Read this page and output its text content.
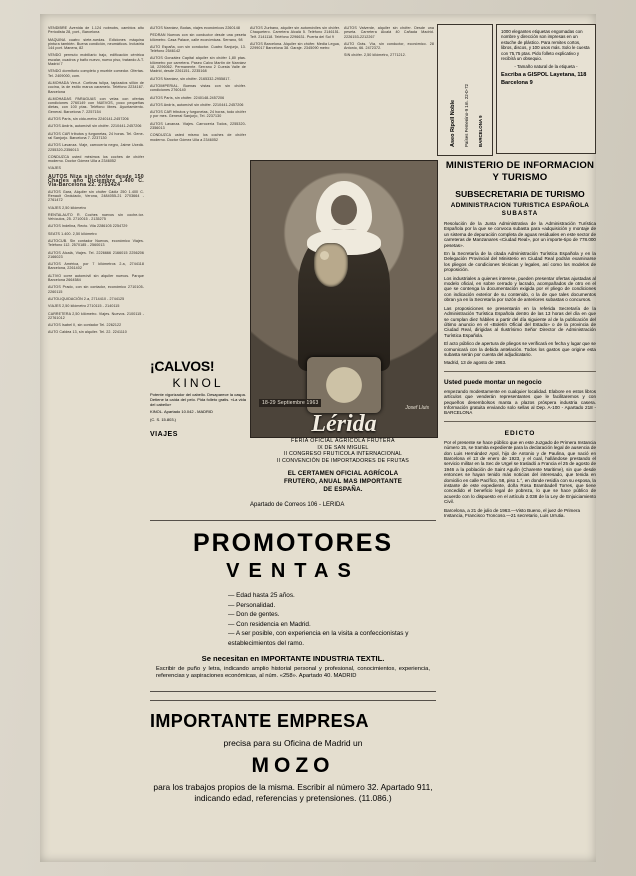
VENDIBRE Avenida de 1.124 nobnobs, cambios alto Periodista 28, port., Barcelona
MAQUINA cuatro siete-ruedas. Ediciones máquina pintura también. Buena condición, neumáticos. Industria 144 port. Manera, 82
VENDO permuto mobiliario bajo, edificación céntrica escalar, cuadros y baño nuevo, nuevo piso, tratando A.T. Madrid 7
VENDO dormitorio completo y mueble comedor. Ofertas. Tel. 2409000, com.
ALMOHADA Ven-é. Cortinas tulipa, tapizados sillón de cocina, la de estilo marca caramelo. Teléfono 2234167. Barcelona
ALMOHADAS PARAGUAS con velas con ofertas condiciones 2760149 con NUEVOS, poco pequeñas dietas, con 100 ptas. Teléfono libres. Ayuntamiento. General. Barcelona 7. 2257154
AUTOS París, sin cido-metro 2240141-2457206
AUTOS Andrís, automóvil sin chófer. 2210441-2457206
AUTOS CAR tributos y furgonetas, 24 horas. Tel. Gene-ral Sanjurjo. Barcelona 7. 2237130
AUTOS Lavanza. Viaje, carrocería negro, Jaime Ucedá. 2255320-2356013
CONDUZCA usted mésimos los coches de chófer moderno. Doctor Gómez Ulla a 2346052
VIAJES
AUTOS Niza sin chófer desde 150 Charles año Diciembre 1.400 C. Via-Barcelona 22. 2753424
AUTOS Gara, Alquiler sin chófer Cádiz 250 1.400 C. Renault Ondulado, Verona, 2484055-21 2703664 - 2761472
VIAJES 2,50 kilómetro
RENTALAUTO R. Coches nuevos sin coche-tor. Vehículos, 25. 2710015 - 2135275
AUTOS Indelina, Recto. Vila 2286105 2254729
SEATS 1.400. 2,50 kilómetro
AUTOCUB. Sin contador Nuevos, económico Viajes. Teléfono 112. 2570185 - 2560013
AUTOS Alcalá, Viajes. Tel. 2226666 2166015 2256206 2166023
AUTOS América, por 7 kilómetros 2.a, 2744118 Barcelona, 2261402
ALTIVO corre automóvil sin alquiler nuevos. Parque Barcelona 2664584
AUTOS Prado, con sin contador, económico 2710105-2260115
AUTOLIQUIDACIÓN 2.a, 2714410 - 2744125
VIAJES 2,50 kilómetro 2710115 - 2140115
CARRETERA 2,50 kilómetro. Viajes. Nuevos. 2100115 - 22761012
AUTOS Isabel II, sin contador Tel. 2262122
AUTO Caldea 13, sin alquiler. Tel. 22. 2241110
AUTOS Narváez, Bodas, viajes económicos 2260148
PEDRAN Nuevos con sin conductor desde una peseta kilómetro. Casa Palace, calle económicas. Serrano, 98
AUTO España, con sin conductor. Cuatro Sanjurjo, 13. Teléfono 2546142
AUTOS González Capital alquiler sin chófer 1,80 ptas. kilómetro por carretera. Paseo Calvo Martín de Narváez 18, 2296062. Permanente. Serrano 2 Cuesta Valle de Madrid, desde 2261151- 2235168
AUTOS Narváez, sin chófer. 2165332-2955817.
AUTOIMPERIAL. Buenas vistas con sin chófer. condiciones 2760140
AUTOS París, sin chófer. 2240148-2457206
AUTOS Andrís, automóvil sin chófer. 2210441-2457206
AUTOS CAR tributos y furgonetas, 24 horas, todo chófer y por mes. General Sanjurjo, Tel. 2237130
AUTOS Lavanza. Viajes. Carrocería Todos, 2255320-2356013
CONDUZCA usted mismo los coches de chófer moderno. Doctor Gómez Ulla a 2346052
AUTOS Zurbano, alquiler sin automóviles sin chófer. Chaquetero. Carretera Alcalá 5. Teléfono 2146151. Telf. 2141118. Teléfono 2296631. Puerta del Sol 9
AUTOS Barcelona. Alquiler sin chófer. Media Legua, 2299017 Barcelona 38. Garaje. 2345090 metro
AUTOS Valverde, alquiler sin chófer. Desde una peseta. Carretera Alcalá 40 Cañada Madrid. 2226153-2212267
AUTO Grás. Vía, sin conductor, económico. 28 Antonio, 66. 2472372.
SIN chófer. 2,50 kilómetro, 2771212.
Aseo Ripoll Noble Países Femenino-9 1m. 22-0-72 BARCELONA 9

1000 elegantes etiquetas engomadas con nombre y dirección son impresas en un estuche de plástico. Para remites cortos, libros, discos, y 100 usos más. Solo le cuesta con 75,75 ptas. Pido folleto explicativo y recibírá un obsequio.

- Tamaño natural de la etiqueta -

Escriba a GISPOL Layetana, 118

Barcelona 9

18-29 Septiembre 1963
Josef Lluis
Lérida
FERIA OFICIAL AGRÍCOLA FRUTERA
IX DE SAN MIGUEL
II CONGRESO FRUTICOLA INTERNACIONAL
II CONVENCIÓN DE IMPORTADORES DE FRUTAS
EL CERTAMEN OFICIAL AGRÍCOLA
FRUTERO, ANUAL MAS IMPORTANTE
DE ESPAÑA.
Apartado de Correos 106 - LERIDA
¡CALVOS!
KINOL

Potente vigorizador del cabello. Desaparece la caspa. Detiene la caída del pelo. Pida folleto gratis. «La vida del cabello»

KINOL. Apartado 10.042 - MADRID

(C. S. 15.803.)

VIAJES
PROMOTORES
VENTAS
— Edad hasta 25 años.
— Personalidad.
— Don de gentes.
— Con residencia en Madrid.
— A ser posible, con experiencia en la visita a confeccionistas y establecimientos del ramo.
Se necesitan en IMPORTANTE INDUSTRIA TEXTIL.
Escribir de puño y letra, indicando amplio historial personal y profesional, conocimientos, experiencia, referencias y aspiraciones económicas, al núm. «258». Apartado 40. MADRID
IMPORTANTE EMPRESA
precisa para su Oficina de Madrid un
MOZO
para los trabajos propios de la misma. Escribir al número 32. Apartado 911, indicando edad, referencias y pretensiones. (11.086.)
MINISTERIO DE INFORMACION Y TURISMO
SUBSECRETARIA DE TURISMO
ADMINISTRACION TURISTICA ESPAÑOLA
SUBASTA

Resolución de la Junta Administrativa de la Administración Turística Española por la que se convoca subasta para «adquisición y montaje de un sistema de depuración completa de aguas residuales en este sector de carreteras de Manzanares «Ciudad Real», por un importe-tipo de 778.000 pesetas».

En la Secretaría de la citada Administración Turística Española y en la Delegación Provincial del Ministerio en Ciudad Real podrán examinarse los pliegos de condiciones técnicas y legales, así como los modelos de proposición.

Los industriales a quienes interese, pueden presentar ofertas ajustadas al modelo oficial, en sobre cerrado y lacrado, acompañados de otro en el que se contenga la documentación exigida por el pliego de condiciones con indicación exterior de su contenido, o la de que tales documentos obran ya en la Secretaría por razón de anteriores subastas o concursos.

Las proposiciones se presentarán en la referida Secretaría de la Administración Turística Española dentro de las 13 horas del día en que se cumplan diez hábiles a partir del día siguiente al de la publicación del último anuncio en el «Boletín Oficial del Estado» o de la provincia de Ciudad Real, dirigidas al Ilustrísimo Señor Director de Administración Turística Española.

El acto público de apertura de pliegos se verificará en fecha y lugar que se comunicará con la debida antelación. Todos los gastos que origine esta subasta serán por cuenta del adjudicatario.

Madrid, 13 de agosto de 1963.

Usted puede montar un negocio

empezando modestamente en cualquier localidad. Elabore en estos libros artículos que venderán representantes que le facilitaremos y con pequeños desembolsos manta a plazos próspera industria casera. Información gratuita enviando solo sellas al Dep. A-100 - Apartado 218 - BARCELONA

EDICTO

Por el presente se hace público que en este Juzgado de Primera Instancia número 15, se tramita expediente para la declaración legal de ausencia de don Luis Hernández Apol, hijo de Antonio y de Paulina, que nació en Barcelona el 13 de enero de 1923, y el cual, hallándose prestando el servicio militar en la Sec de Urgel se trasladó a Francia el 25 de agosto de 1946 a la población de Saint Agulín (Charente Maritime), sin que desde entonces se hayan tenido más noticias del interesado, que tenida en domicilio en calle Pacífico, 58, piso 1.°, en donde residía con su esposa, la instante de este expediente, doña Rosa Brambadell Torres, que tiene concedido el beneficio legal de pobreza, lo que se hace público de acuerdo con lo dispuesto en el artículo 2.038 de la Ley de Enjuiciamiento Civil.

Barcelona, a 21 de julio de 1963.—Visto Bueno, el juez de Primera Instancia, Francisco Troncoso.—21 secretario, Luis Urrutia.
